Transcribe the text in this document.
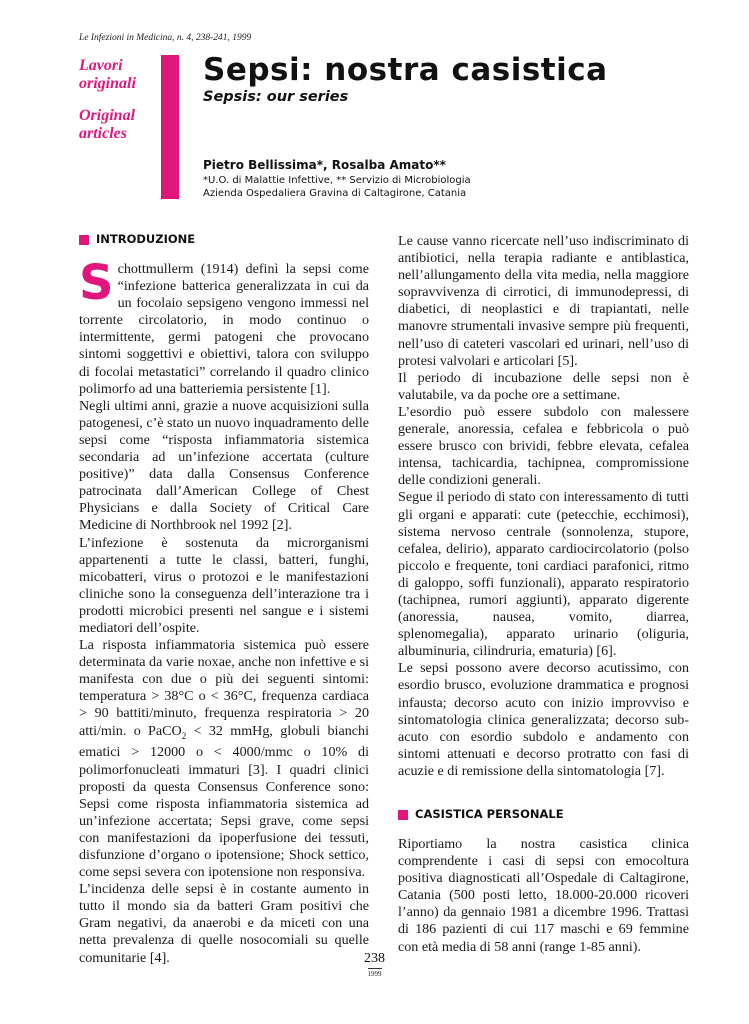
Le Infezioni in Medicina, n. 4, 238-241, 1999
Lavori
originali
Original
articles
Sepsi: nostra casistica
Sepsis: our series
Pietro Bellissima*, Rosalba Amato**
*U.O. di Malattie Infettive, ** Servizio di Microbiologia
Azienda Ospedaliera Gravina di Caltagirone, Catania
INTRODUZIONE

Schottmullerm (1914) definì la sepsi come “infezione batterica generalizzata in cui da un focolaio sepsigeno vengono immessi nel torrente circolatorio, in modo continuo o intermittente, germi patogeni che provocano sintomi soggettivi e obiettivi, talora con sviluppo di focolai metastatici” correlando il quadro clinico polimorfo ad una batteriemia persistente [1].

Negli ultimi anni, grazie a nuove acquisizioni sulla patogenesi, c’è stato un nuovo inquadramento delle sepsi come “risposta infiammatoria sistemica secondaria ad un’infezione accertata (culture positive)” data dalla Consensus Conference patrocinata dall’American College of Chest Physicians e dalla Society of Critical Care Medicine di Northbrook nel 1992 [2].

L’infezione è sostenuta da microrganismi appartenenti a tutte le classi, batteri, funghi, micobatteri, virus o protozoi e le manifestazioni cliniche sono la conseguenza dell’interazione tra i prodotti microbici presenti nel sangue e i sistemi mediatori dell’ospite.

La risposta infiammatoria sistemica può essere determinata da varie noxae, anche non infettive e si manifesta con due o più dei seguenti sintomi: temperatura > 38°C o < 36°C, frequenza cardiaca > 90 battiti/minuto, frequenza respiratoria > 20 atti/min. o PaCO$_2$ < 32 mmHg, globuli bianchi ematici > 12000 o < 4000/mmc o 10% di polimorfonucleati immaturi [3]. I quadri clinici proposti da questa Consensus Conference sono: Sepsi come risposta infiammatoria sistemica ad un’infezione accertata; Sepsi grave, come sepsi con manifestazioni da ipoperfusione dei tessuti, disfunzione d’organo o ipotensione; Shock settico, come sepsi severa con ipotensione non responsiva.

L’incidenza delle sepsi è in costante aumento in tutto il mondo sia da batteri Gram positivi che Gram negativi, da anaerobi e da miceti con una netta prevalenza di quelle nosocomiali su quelle comunitarie [4].

Le cause vanno ricercate nell’uso indiscriminato di antibiotici, nella terapia radiante e antiblastica, nell’allungamento della vita media, nella maggiore sopravvivenza di cirrotici, di immunodepressi, di diabetici, di neoplastici e di trapiantati, nelle manovre strumentali invasive sempre più frequenti, nell’uso di cateteri vascolari ed urinari, nell’uso di protesi valvolari e articolari [5].

Il periodo di incubazione delle sepsi non è valutabile, va da poche ore a settimane.

L’esordio può essere subdolo con malessere generale, anoressia, cefalea e febbricola o può essere brusco con brividi, febbre elevata, cefalea intensa, tachicardia, tachipnea, compromissione delle condizioni generali.

Segue il periodo di stato con interessamento di tutti gli organi e apparati: cute (petecchie, ecchimosi), sistema nervoso centrale (sonnolenza, stupore, cefalea, delirio), apparato cardiocircolatorio (polso piccolo e frequente, toni cardiaci parafonici, ritmo di galoppo, soffi funzionali), apparato respiratorio (tachipnea, rumori aggiunti), apparato digerente (anoressia, nausea, vomito, diarrea, splenomegalia), apparato urinario (oliguria, albuminuria, cilindruria, ematuria) [6].

Le sepsi possono avere decorso acutissimo, con esordio brusco, evoluzione drammatica e prognosi infausta; decorso acuto con inizio improvviso e sintomatologia clinica generalizzata; decorso sub-acuto con esordio subdolo e andamento con sintomi attenuati e decorso protratto con fasi di acuzie e di remissione della sintomatologia [7].

CASISTICA PERSONALE

Riportiamo la nostra casistica clinica comprendente i casi di sepsi con emocoltura positiva diagnosticati all’Ospedale di Caltagirone, Catania (500 posti letto, 18.000-20.000 ricoveri l’anno) da gennaio 1981 a dicembre 1996. Trattasi di 186 pazienti di cui 117 maschi e 69 femmine con età media di 58 anni (range 1-85 anni).

238
1999
